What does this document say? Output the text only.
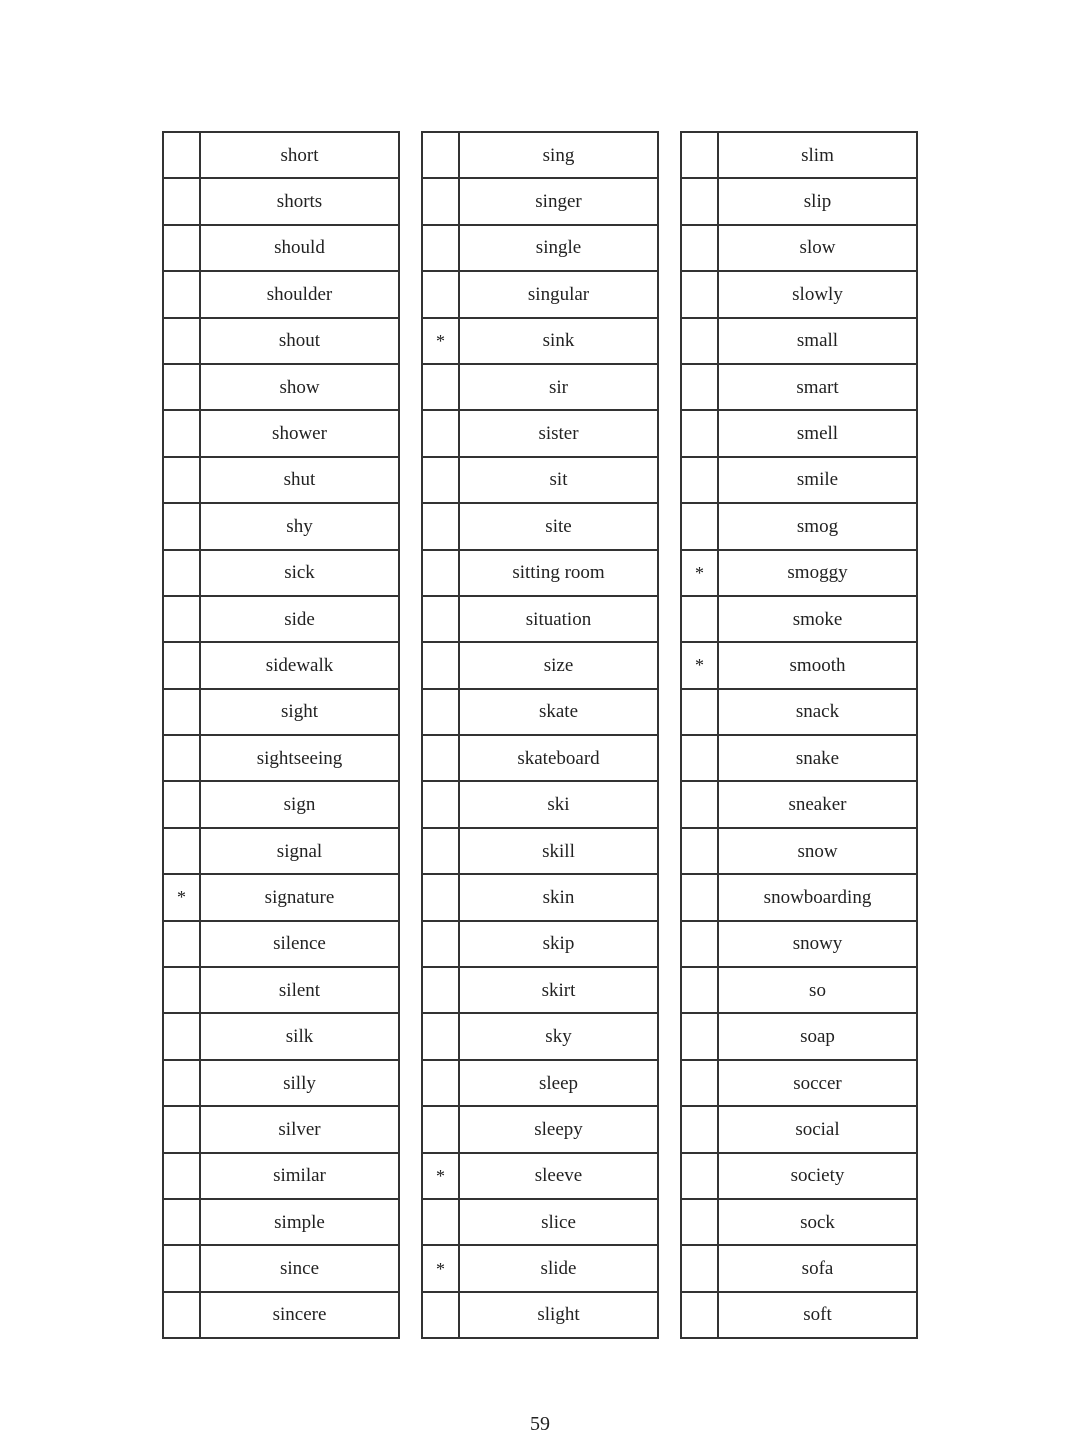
	short
	shorts
	should
	shoulder
	shout
	show
	shower
	shut
	shy
	sick
	side
	sidewalk
	sight
	sightseeing
	sign
	signal
*	signature
	silence
	silent
	silk
	silly
	silver
	similar
	simple
	since
	sincere
	sing
	singer
	single
	singular
*	sink
	sir
	sister
	sit
	site
	sitting room
	situation
	size
	skate
	skateboard
	ski
	skill
	skin
	skip
	skirt
	sky
	sleep
	sleepy
*	sleeve
	slice
*	slide
	slight
	slim
	slip
	slow
	slowly
	small
	smart
	smell
	smile
	smog
*	smoggy
	smoke
*	smooth
	snack
	snake
	sneaker
	snow
	snowboarding
	snowy
	so
	soap
	soccer
	social
	society
	sock
	sofa
	soft
59
